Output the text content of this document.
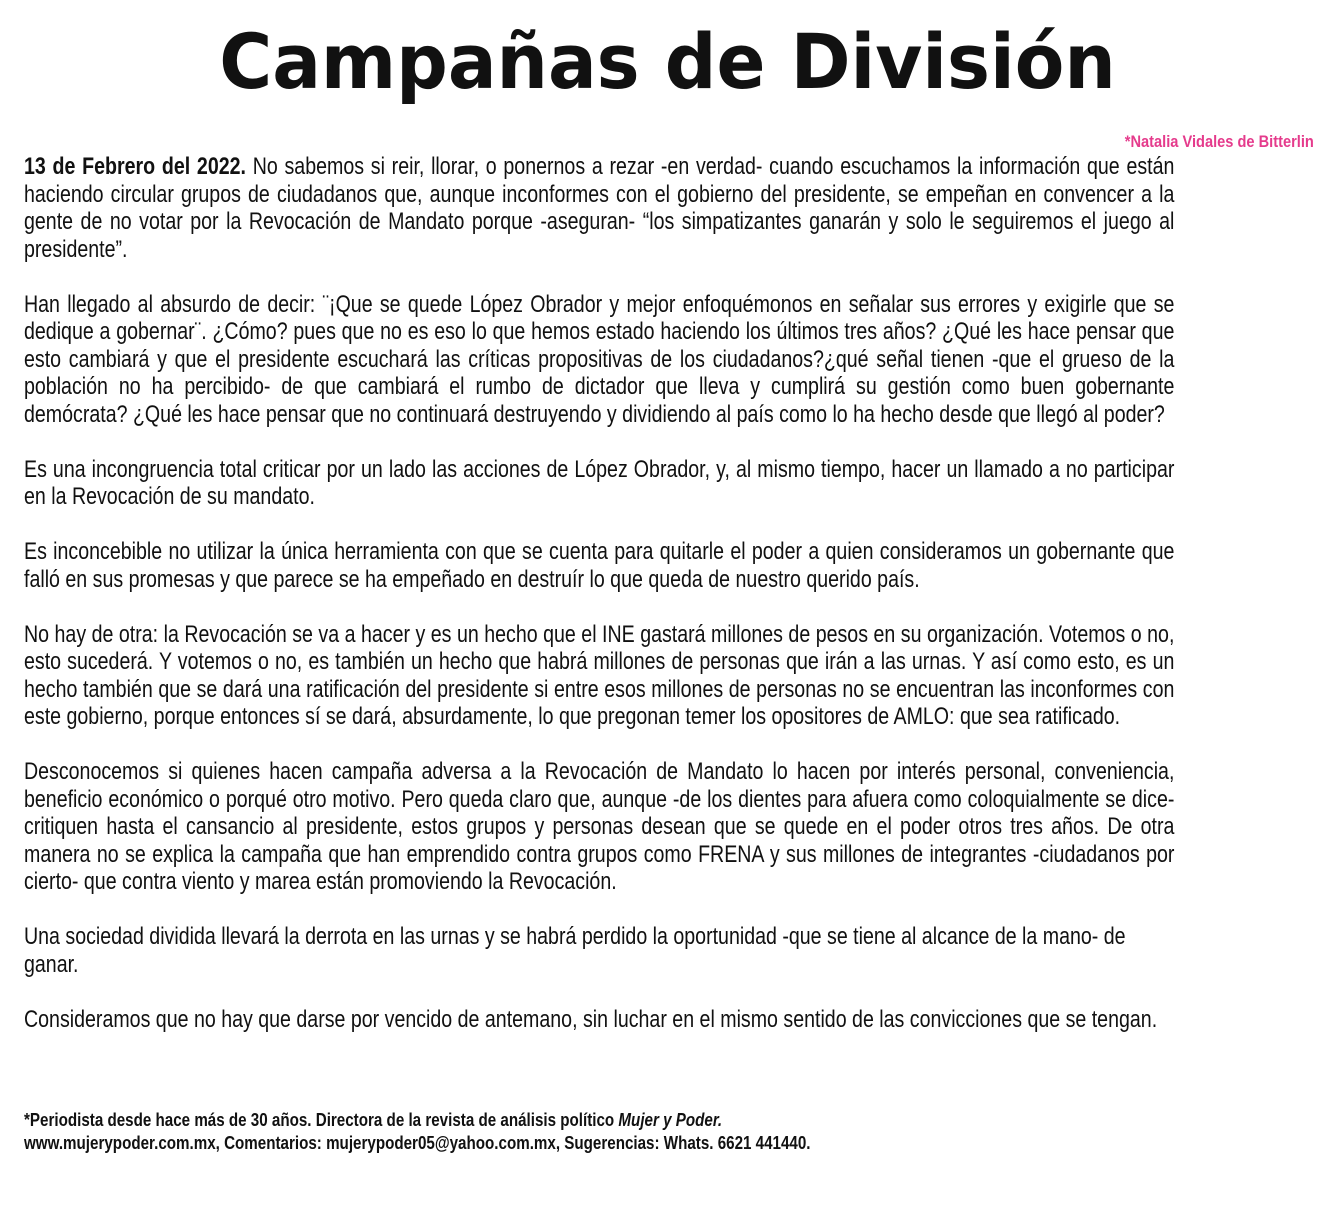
Campañas de División
*Natalia Vidales de Bitterlin

13 de Febrero del 2022. No sabemos si reir, llorar, o ponernos a rezar -en verdad- cuando escuchamos la información que están haciendo circular grupos de ciudadanos que, aunque inconformes con el gobierno del presidente, se empeñan en convencer a la gente de no votar por la Revocación de Mandato porque -aseguran- “los simpatizantes ganarán y solo le seguiremos el juego al presidente”.

Han llegado al absurdo de decir: ¨¡Que se quede López Obrador y mejor enfoquémonos en señalar sus errores y exigirle que se dedique a gobernar¨. ¿Cómo? pues que no es eso lo que hemos estado haciendo los últimos tres años? ¿Qué les hace pensar que esto cambiará y que el presidente escuchará las críticas propositivas de los ciudadanos?¿qué señal tienen -que el grueso de la población no ha percibido- de que cambiará el rumbo de dictador que lleva y cumplirá su gestión como buen gobernante demócrata? ¿Qué les hace pensar que no continuará destruyendo y dividiendo al país como lo ha hecho desde que llegó al poder?

Es una incongruencia total criticar por un lado las acciones de López Obrador, y, al mismo tiempo, hacer un llamado a no participar en la Revocación de su mandato.

Es inconcebible no utilizar la única herramienta con que se cuenta para quitarle el poder a quien consideramos un gobernante que falló en sus promesas y que parece se ha empeñado en destruír lo que queda de nuestro querido país.

No hay de otra: la Revocación se va a hacer y es un hecho que el INE gastará millones de pesos en su organización. Votemos o no, esto sucederá. Y votemos o no, es también un hecho que habrá millones de personas que irán a las urnas. Y así como esto, es un hecho también que se dará una ratificación del presidente si entre esos millones de personas no se encuentran las inconformes con este gobierno, porque entonces sí se dará, absurdamente, lo que pregonan temer los opositores de AMLO: que sea ratificado.

Desconocemos si quienes hacen campaña adversa a la Revocación de Mandato lo hacen por interés personal, conveniencia, beneficio económico o porqué otro motivo. Pero queda claro que, aunque -de los dientes para afuera como coloquialmente se dice- critiquen hasta el cansancio al presidente, estos grupos y personas desean que se quede en el poder otros tres años. De otra manera no se explica la campaña que han emprendido contra grupos como FRENA y sus millones de integrantes -ciudadanos por cierto- que contra viento y marea están promoviendo la Revocación.

Una sociedad dividida llevará la derrota en las urnas y se habrá perdido la oportunidad -que se tiene al alcance de la mano- de ganar.

Consideramos que no hay que darse por vencido de antemano, sin luchar en el mismo sentido de las convicciones que se tengan.

*Periodista desde hace más de 30 años. Directora de la revista de análisis político Mujer y Poder.
www.mujerypoder.com.mx, Comentarios: mujerypoder05@yahoo.com.mx, Sugerencias: Whats. 6621 441440.
